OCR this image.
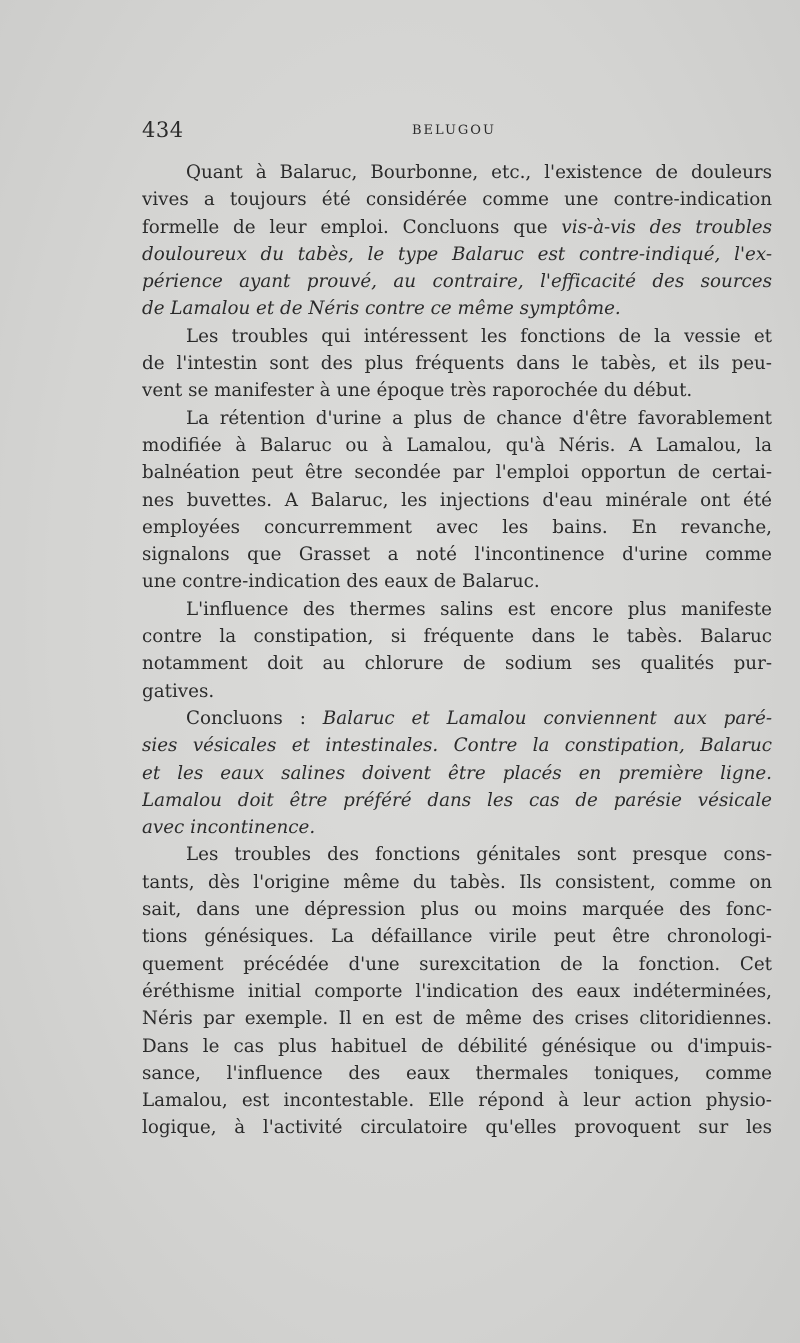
434	BELUGOU
Quant à Balaruc, Bourbonne, etc., l'existence de douleurs
vives a toujours été considérée comme une contre-indication
formelle de leur emploi. Concluons que vis-à-vis des troubles
douloureux du tabès, le type Balaruc est contre-indiqué, l'ex-
périence ayant prouvé, au contraire, l'efficacité des sources
de Lamalou et de Néris contre ce même symptôme.
Les troubles qui intéressent les fonctions de la vessie et
de l'intestin sont des plus fréquents dans le tabès, et ils peu-
vent se manifester à une époque très raporochée du début.
La rétention d'urine a plus de chance d'être favorablement
modifiée à Balaruc ou à Lamalou, qu'à Néris. A Lamalou, la
balnéation peut être secondée par l'emploi opportun de certai-
nes buvettes. A Balaruc, les injections d'eau minérale ont été
employées concurremment avec les bains. En revanche,
signalons que Grasset a noté l'incontinence d'urine comme
une contre-indication des eaux de Balaruc.
L'influence des thermes salins est encore plus manifeste
contre la constipation, si fréquente dans le tabès. Balaruc
notamment doit au chlorure de sodium ses qualités pur-
gatives.
Concluons : Balaruc et Lamalou conviennent aux paré-
sies vésicales et intestinales. Contre la constipation, Balaruc
et les eaux salines doivent être placés en première ligne.
Lamalou doit être préféré dans les cas de parésie vésicale
avec incontinence.
Les troubles des fonctions génitales sont presque cons-
tants, dès l'origine même du tabès. Ils consistent, comme on
sait, dans une dépression plus ou moins marquée des fonc-
tions génésiques. La défaillance virile peut être chronologi-
quement précédée d'une surexcitation de la fonction. Cet
éréthisme initial comporte l'indication des eaux indéterminées,
Néris par exemple. Il en est de même des crises clitoridiennes.
Dans le cas plus habituel de débilité génésique ou d'impuis-
sance, l'influence des eaux thermales toniques, comme
Lamalou, est incontestable. Elle répond à leur action physio-
logique, à l'activité circulatoire qu'elles provoquent sur les
